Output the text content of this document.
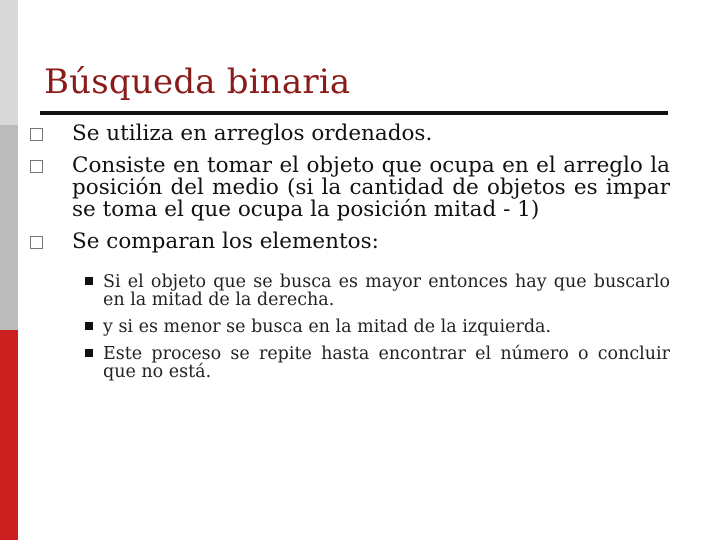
Búsqueda binaria
Se utiliza en arreglos ordenados.
Consiste en tomar el objeto que ocupa en el arreglo la posición del medio (si la cantidad de objetos es impar se toma el que ocupa la posición mitad - 1)
Se comparan los elementos:
Si el objeto que se busca es mayor entonces hay que buscarlo en la mitad de la derecha.
y si es menor se busca en la mitad de la izquierda.
Este proceso se repite hasta encontrar el número o concluir que no está.
